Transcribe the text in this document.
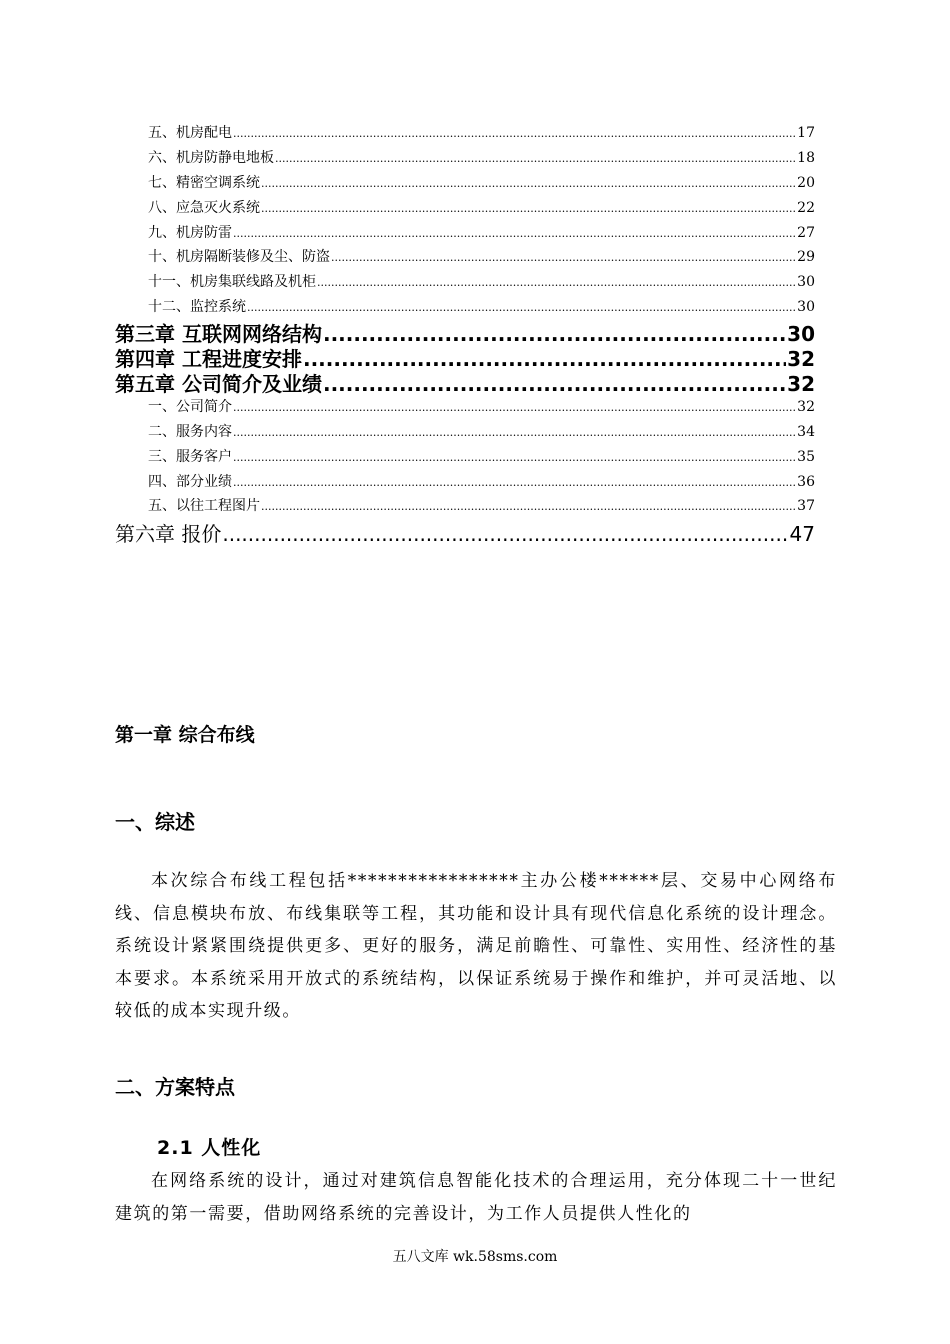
五、机房配电 .....	17
六、机房防静电地板 .....	18
七、精密空调系统 .....	20
八、应急灭火系统 .....	22
九、机房防雷 .....	27
十、机房隔断装修及尘、防盗 .....	29
十一、机房集联线路及机柜 .....	30
十二、监控系统 .....	30
第三章 互联网网络结构 .....	30
第四章 工程进度安排 .....	32
第五章 公司简介及业绩 .....	32
一、公司简介 .....	32
二、服务内容 .....	34
三、服务客户 .....	35
四、部分业绩 .....	36
五、以往工程图片 .....	37
第六章 报价 .....	47
第一章 综合布线
一、综述
本次综合布线工程包括*****************主办公楼******层、交易中心网络布线、信息模块布放、布线集联等工程，其功能和设计具有现代信息化系统的设计理念。系统设计紧紧围绕提供更多、更好的服务，满足前瞻性、可靠性、实用性、经济性的基本要求。本系统采用开放式的系统结构，以保证系统易于操作和维护，并可灵活地、以较低的成本实现升级。
二、方案特点
2.1 人性化
在网络系统的设计，通过对建筑信息智能化技术的合理运用，充分体现二十一世纪建筑的第一需要，借助网络系统的完善设计，为工作人员提供人性化的
五八文库 wk.58sms.com
